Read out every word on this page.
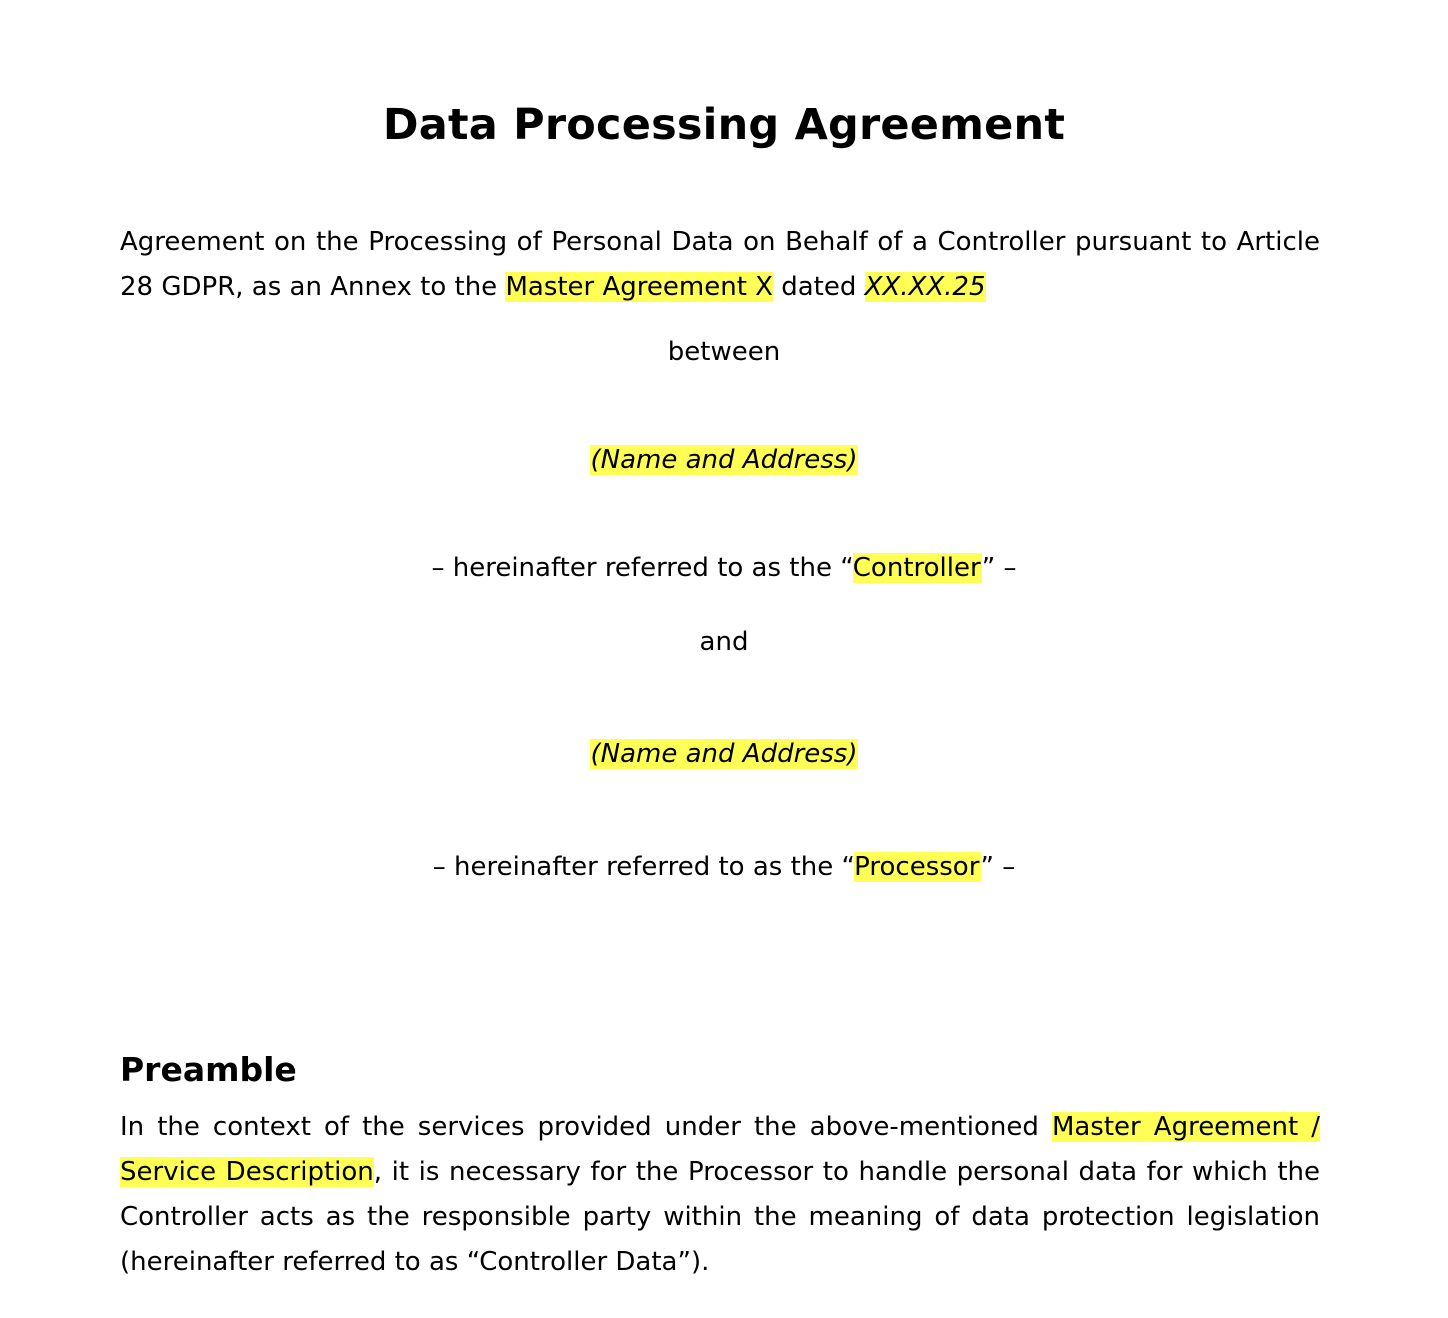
Data Processing Agreement

Agreement on the Processing of Personal Data on Behalf of a Controller pursuant to Article 28 GDPR, as an Annex to the Master Agreement X dated XX.XX.25

between

(Name and Address)

– hereinafter referred to as the “Controller” –

and

(Name and Address)

– hereinafter referred to as the “Processor” –

Preamble

In the context of the services provided under the above-mentioned Master Agreement / Service Description, it is necessary for the Processor to handle personal data for which the Controller acts as the responsible party within the meaning of data protection legislation (hereinafter referred to as “Controller Data”).
